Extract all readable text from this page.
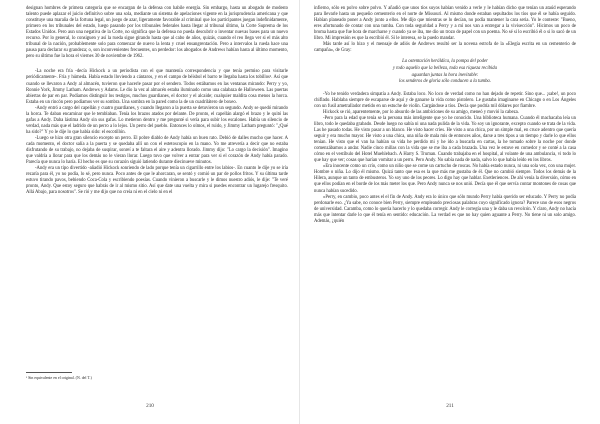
designan hombres de primera categoría que se encargan de la defensa con habile energía. Sin embargo, hasta un abogado de modesto talento puede aplazar el juicio definitivo sobre una sola, mediante un sistema de apelaciones vigente en la jurisprudencia americana y que constituye una maraña de la fortuna legal, un juego de azar, ligeramente favorable al criminal que los participantes juegan indefinidamente, primero en los tribunales del estado, luego pasando por los tribunales federales hasta llegar al tribunal último, la Corte Suprema de los Estados Unidos. Pero aun una negativa de la Corte, no significa que la defensa no pueda descubrir o inventar nuevas bases para un nuevo recurso. Por lo general, lo consiguen y así la rueda sigue girando hasta que al cabo de años, quizás, cuando el reo llega ver si el más alto tribunal de la nación, probablemente solo para comenzar de nuevo la lenta y cruel ensangrentación. Pero a intervalos la rueda hace una pausa para declarar su grandeza; o, son inconvenientes frecuentes, un perdedor: los abogados de Andrews habían hasta al último momento, pero su último fue la hora el viernes 30 de noviembre de 1962.

-La noche era fría -decía Hickock a un periodista con el que mantenía correspondencia y que tenía permiso para visitarle periódicamente-. Fría y húmeda. Había estado lloviendo a cántaros, y en el campo de béisbol el barro te llegaba hasta los tobillos¹. Así que cuando se llevaron a Andy al almacén, tuvieron que hacerle pasar por el sendero. Todos estábamos en las ventanas mirando: Perry y yo, Ronnie York, Jimmy Latham. Andrews y Adams. Le dio la vez al almacén estaba iluminado como una calabaza de Halloween. Las puertas abiertas de par en par. Podíamos distinguir los testigos, muchos guardianes, el doctor y el alcaide; cualquier maldita cosa menos la horca. Estaba en un rincón pero podíamos ver su sombra. Una sombra en la pared como la de un cuadrilátero de boxeo.

-Andy entró a cargo del capellán y cuatro guardianes, y cuando llegaron a la puerta se detuvieron un segundo. Andy se quedó mirando la horca. Te daban encaminar que le temblaban. Tenía los brazos atados por delante. De pronto, el capellán alargó el brazo y le quitó las gafas a Andy. Daba lástima Andy sin sus gafas. Lo metieron dentro y me pregunté si vería para subir los escalones. Había un silencio de verdad, nada más que el ladrido de un perro a lo lejos. Un perro del pueblo. Entonces lo oímos, el ruido, y Jimmy Latham preguntó: "¿Qué ha sido?" Y yo le dije lo que había sido: el escotillón.

-Luego se hizo otra gran silencio excepto un perro. El pobre diablo de Andy había un buen rato. Debió de dalles mucho que hacer. A cada momento, el doctor salía a la puerta y se quedaba allí un con el estetoscopio en la mano. Yo me atrevería a decir que no estaba disfrutando de su trabajo, no dejaba de suspirar, sonreí a te faltara el aire y adentra llorado. Jimmy dijo: "Lo cargo la decisión". Imagino que valdría a llorar para que los demás no le vieran llorar. Luego tuvo que volver a entrar para ver si el corazón de Andy había parado. Parecía que nunca lo haría. El hecho es que su corazón siguió latiendo durante diecinueve minutos.

-Andy era un tipo divertido -añadió Hickock sonriendo de lado porque tenía un cigarrillo entre los labios-. En cuanto le dije yo se iría rezaría para él, yo no podía, lo sé, pero nunca. Poco antes de que le ahorcaran, se sentó y comió un par de pollos fritos. Y su última tarde estuvo tirando pavos, bebiendo Coca-Cola y escribiendo poesías. Cuando vinieron a buscarle y le dimos nuestro adiós, le dije: "Te veré pronto, Andy. Que estoy seguro que habrás de ir al mismo sitio. Así que date una vuelta y mira si puedes encontrar un lugarejo fresquito. Allá Abajo, para nosotros". Se rió y me dijo que no creía ni en el cielo ni en el

¹ Sin equivalente en el original. (N. del T.)

210

infierno, sólo en polvo sobre polvo. Y añadió que unos tíos suyos habían venido a verle y le habían dicho que tenían un ataúd esperando para llevarle hasta un pequeño cementerio en el norte de Missouri. Al mismo donde estaban sepultados los tíos que él se había seguido. Habían planeado poner a Andy junto a ellos. Me dijo que mientras se lo decían, no podía mantener la cara seria. Yo le conteste: "Bueno, eres afortunado de contar con una tumba. Con toda seguridad a Perry y a mí nos van a entregar a la vivisección". Hicimos un poco de broma hasta que fue hora de marcharse y cuando ya se iba, me dio un trozo de papel con un poema. No sé si lo escribió él o si lo sacó de un libro. Mi impresión es que la escribió él. Si le interesa, se la puedo mandar.

Más tarde así lo hizo y el mensaje de adiós de Andrews resultó ser la novena estrofa de la «Elegía escrita en un cementerio de campaña», de Gray:

La ostentación heráldica, la pompa del poder

y todo aquello que la belleza, toda esa riqueza recibida

aguardan juntas la hora inevitable:

los senderos de gloria sólo conducen a la tumba.

-Yo he tenido verdadera simpatía a Andy. Estaba loco. No loco de verdad como no han dejado de repetir. Sino que... ¡sabe!, un poco chiflado. Hablaba siempre de escaparse de aquí y de ganarse la vida como pistolero. Le gustaba imaginarse en Chicago o en Los Ángeles con un fusil ametrallador metido en un estuche de violín. Cargándose a tíos. Decía que podría mil dólares por fiambre.

Hickock se rió, aparentemente, por lo absurdo de las ambiciones de su amigo, meneó y movió la cabeza.

-Pero para la edad que tenía se la persona más inteligente que yo he conocido. Una biblioteca humana. Cuando él machacaba leía un libro, todo le quedaba grabado. Desde luego no sabía ni una nada pulida de la vida. Yo soy un ignorante, excepto cuando se trata de la vida. Las he pasado todas. He visto pasar a un blanco. He visto hacer cries. He visto a una chica, por un simple mal, en cruce adentro que quería seguir y era mucho mayor. He visto a una chica, una niña de mala mis de entonces años, darse a tres tipos a un tiempo y darle lo que ellos tenían. He visto que el van ha habían su vida he perdido mi y he ido a buscarla en cartas, la he tomado sobre la noche por donde comenzábamos a andar. Nadie cinco millas con la vida que se me iba a cada brazada. Una vez le estuve en comedor y se conté a la casa cómo en el vestíbulo del Hotel Muehlebach. A Harry S. Truman. Cuando trabajaba en el hospital, al volante de una ambulancia, vi todo lo que hay que ver; cosas que harían vomitar a un perro. Pero Andy. No sabía nada de nada, salvo lo que había leído en los libros.

«Era inocente como un crío, como un niño que se come un cartucho de roscas. No había estado nunca, ni una sola vez, con una mujer. Hombre o niña. Lo dijo él mismo. Quizá tanto que esa es la que más me gustaba de él. Que no cambió siempre. Todos los demás de la Hilera, aunque un tanto de embusteros. Yo soy uno de los peores. Lo digo hay que hablar. Exetleriences. De ahí venía la diversión, cómo en que ellos podían en el borde de los más meter los que. Pero Andy nunca se nos unió. Decía que él que servía contar montones de cosas que nunca habían sucedido.

«Perry, en cambio, poco antes el el fin de Andy. Andy era lo único que sólo mundo Perry había querido ser educado. Y Perry no podía perdonarle eso. ¿Ya sabe, no conoce bien Perry, siempre empleando preciosas palabras cuyo significado ignora? Parece uno de esos negros de universidad. Caramba, como lo quería hacerlo y lo quedaba corregir. Andy le corregía una y le daba un revolcón. Y claro, Andy no hacía más que intentar darle lo que él tenía en sentido: educación. La verdad es que no hay quien aguante a Perry. No tiene ni un solo amigo. Además, ¿quién

211
